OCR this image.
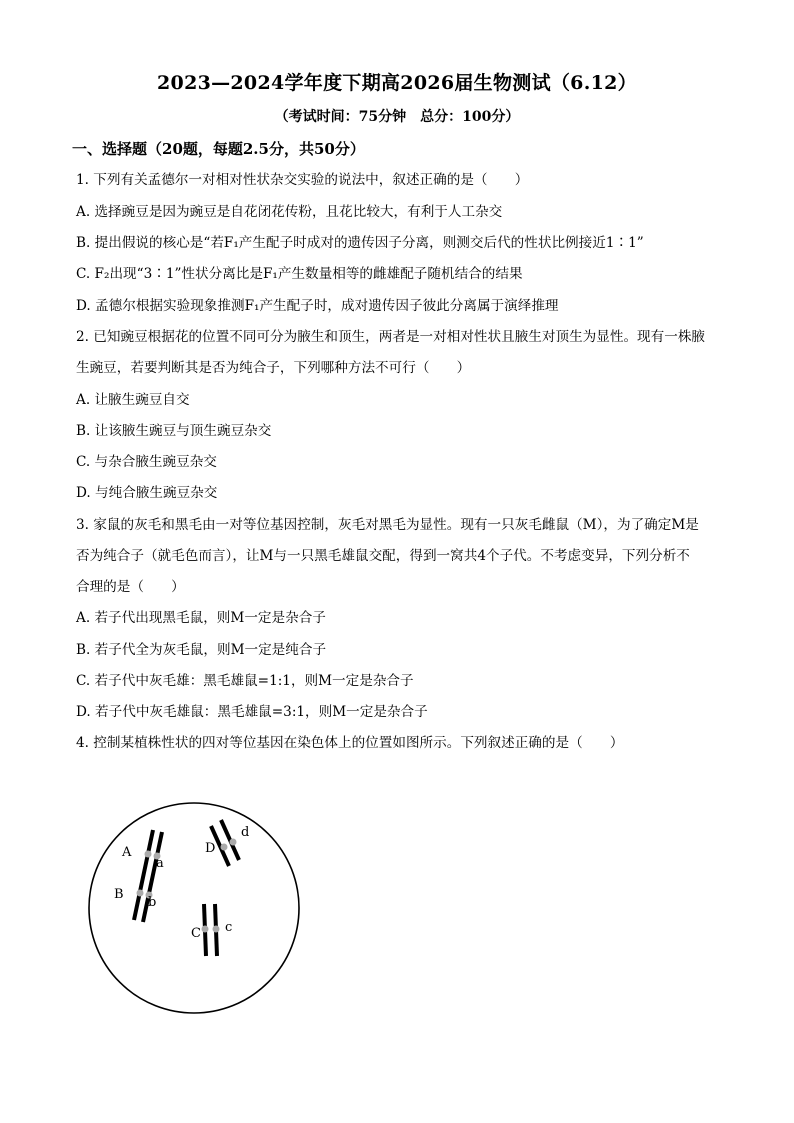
2023—2024学年度下期高2026届生物测试（6.12）
（考试时间：75分钟　总分：100分）
一、选择题（20题，每题2.5分，共50分）
1. 下列有关孟德尔一对相对性状杂交实验的说法中，叙述正确的是（　　）
A. 选择豌豆是因为豌豆是自花闭花传粉，且花比较大，有利于人工杂交
B. 提出假说的核心是“若F₁产生配子时成对的遗传因子分离，则测交后代的性状比例接近1∶1”
C. F₂出现“3∶1”性状分离比是F₁产生数量相等的雌雄配子随机结合的结果
D. 孟德尔根据实验现象推测F₁产生配子时，成对遗传因子彼此分离属于演绎推理
2. 已知豌豆根据花的位置不同可分为腋生和顶生，两者是一对相对性状且腋生对顶生为显性。现有一株腋
生豌豆，若要判断其是否为纯合子，下列哪种方法不可行（　　）
A. 让腋生豌豆自交
B. 让该腋生豌豆与顶生豌豆杂交
C. 与杂合腋生豌豆杂交
D. 与纯合腋生豌豆杂交
3. 家鼠的灰毛和黑毛由一对等位基因控制，灰毛对黑毛为显性。现有一只灰毛雌鼠（M），为了确定M是
否为纯合子（就毛色而言），让M与一只黑毛雄鼠交配，得到一窝共4个子代。不考虑变异，下列分析不
合理的是（　　）
A. 若子代出现黑毛鼠，则M一定是杂合子
B. 若子代全为灰毛鼠，则M一定是纯合子
C. 若子代中灰毛雄：黑毛雄鼠=1:1，则M一定是杂合子
D. 若子代中灰毛雄鼠：黑毛雄鼠=3:1，则M一定是杂合子
4. 控制某植株性状的四对等位基因在染色体上的位置如图所示。下列叙述正确的是（　　）
A
a
B
b
D
d
C c
